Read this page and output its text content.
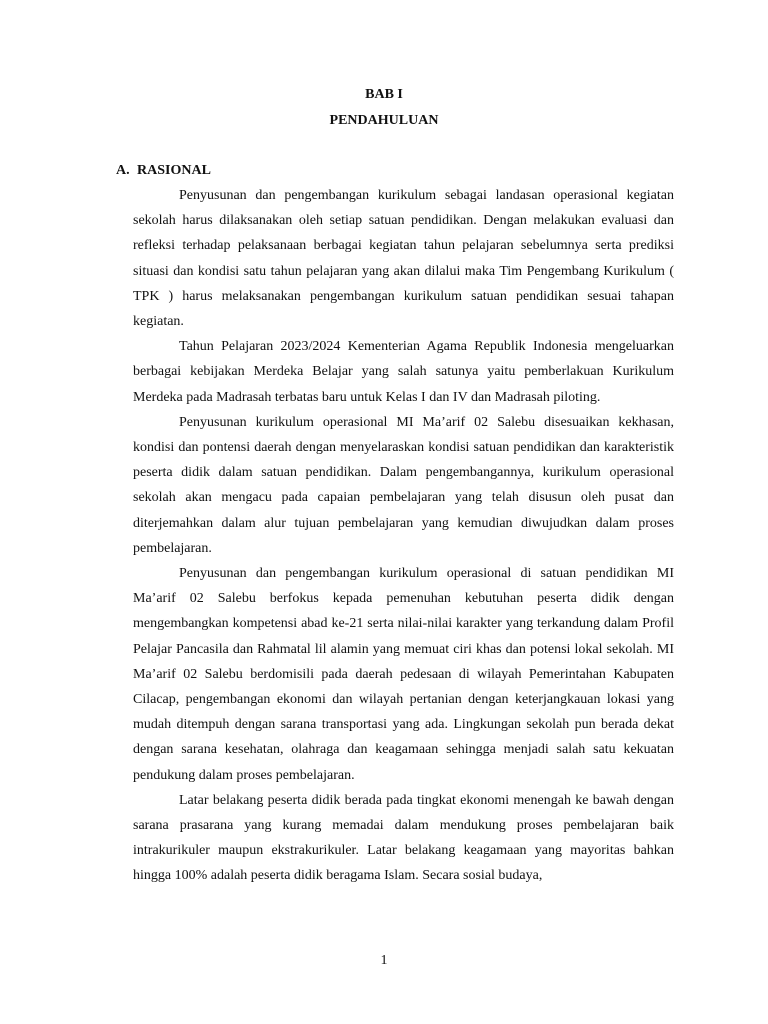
BAB I
PENDAHULUAN
A. RASIONAL

Penyusunan dan pengembangan kurikulum sebagai landasan operasional kegiatan sekolah harus dilaksanakan oleh setiap satuan pendidikan. Dengan melakukan evaluasi dan refleksi terhadap pelaksanaan berbagai kegiatan tahun pelajaran sebelumnya serta prediksi situasi dan kondisi satu tahun pelajaran yang akan dilalui maka Tim Pengembang Kurikulum ( TPK ) harus melaksanakan pengembangan kurikulum satuan pendidikan sesuai tahapan kegiatan.

Tahun Pelajaran 2023/2024 Kementerian Agama Republik Indonesia mengeluarkan berbagai kebijakan Merdeka Belajar yang salah satunya yaitu pemberlakuan Kurikulum Merdeka pada Madrasah terbatas baru untuk Kelas I dan IV dan Madrasah piloting.

Penyusunan kurikulum operasional MI Ma’arif 02 Salebu disesuaikan kekhasan, kondisi dan pontensi daerah dengan menyelaraskan kondisi satuan pendidikan dan karakteristik peserta didik dalam satuan pendidikan. Dalam pengembangannya, kurikulum operasional sekolah akan mengacu pada capaian pembelajaran yang telah disusun oleh pusat dan diterjemahkan dalam alur tujuan pembelajaran yang kemudian diwujudkan dalam proses pembelajaran.

Penyusunan dan pengembangan kurikulum operasional di satuan pendidikan MI Ma’arif 02 Salebu berfokus kepada pemenuhan kebutuhan peserta didik dengan mengembangkan kompetensi abad ke-21 serta nilai-nilai karakter yang terkandung dalam Profil Pelajar Pancasila dan Rahmatal lil alamin yang memuat ciri khas dan potensi lokal sekolah. MI Ma’arif 02 Salebu berdomisili pada daerah pedesaan di wilayah Pemerintahan Kabupaten Cilacap, pengembangan ekonomi dan wilayah pertanian dengan keterjangkauan lokasi yang mudah ditempuh dengan sarana transportasi yang ada. Lingkungan sekolah pun berada dekat dengan sarana kesehatan, olahraga dan keagamaan sehingga menjadi salah satu kekuatan pendukung dalam proses pembelajaran.

Latar belakang peserta didik berada pada tingkat ekonomi menengah ke bawah dengan sarana prasarana yang kurang memadai dalam mendukung proses pembelajaran baik intrakurikuler maupun ekstrakurikuler. Latar belakang keagamaan yang mayoritas bahkan hingga 100% adalah peserta didik beragama Islam. Secara sosial budaya,

1
